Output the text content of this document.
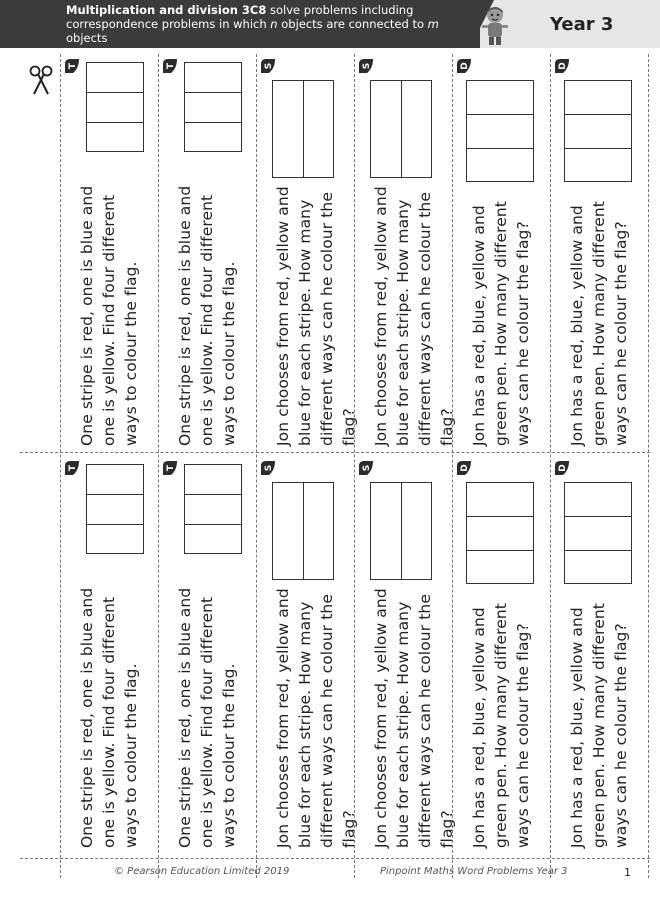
Multiplication and division 3C8 solve problems including correspondence problems in which n objects are connected to m objects
Year 3
T
One stripe is red, one is blue and one is yellow. Find four different ways to colour the flag.
T
One stripe is red, one is blue and one is yellow. Find four different ways to colour the flag.
S
Jon chooses from red, yellow and blue for each stripe. How many different ways can he colour the flag?
S
Jon chooses from red, yellow and blue for each stripe. How many different ways can he colour the flag?
D
Jon has a red, blue, yellow and green pen. How many different ways can he colour the flag?
D
Jon has a red, blue, yellow and green pen. How many different ways can he colour the flag?
T
One stripe is red, one is blue and one is yellow. Find four different ways to colour the flag.
T
One stripe is red, one is blue and one is yellow. Find four different ways to colour the flag.
S
Jon chooses from red, yellow and blue for each stripe. How many different ways can he colour the flag?
S
Jon chooses from red, yellow and blue for each stripe. How many different ways can he colour the flag?
D
Jon has a red, blue, yellow and green pen. How many different ways can he colour the flag?
D
Jon has a red, blue, yellow and green pen. How many different ways can he colour the flag?
© Pearson Education Limited 2019	Pinpoint Maths Word Problems Year 3	1
